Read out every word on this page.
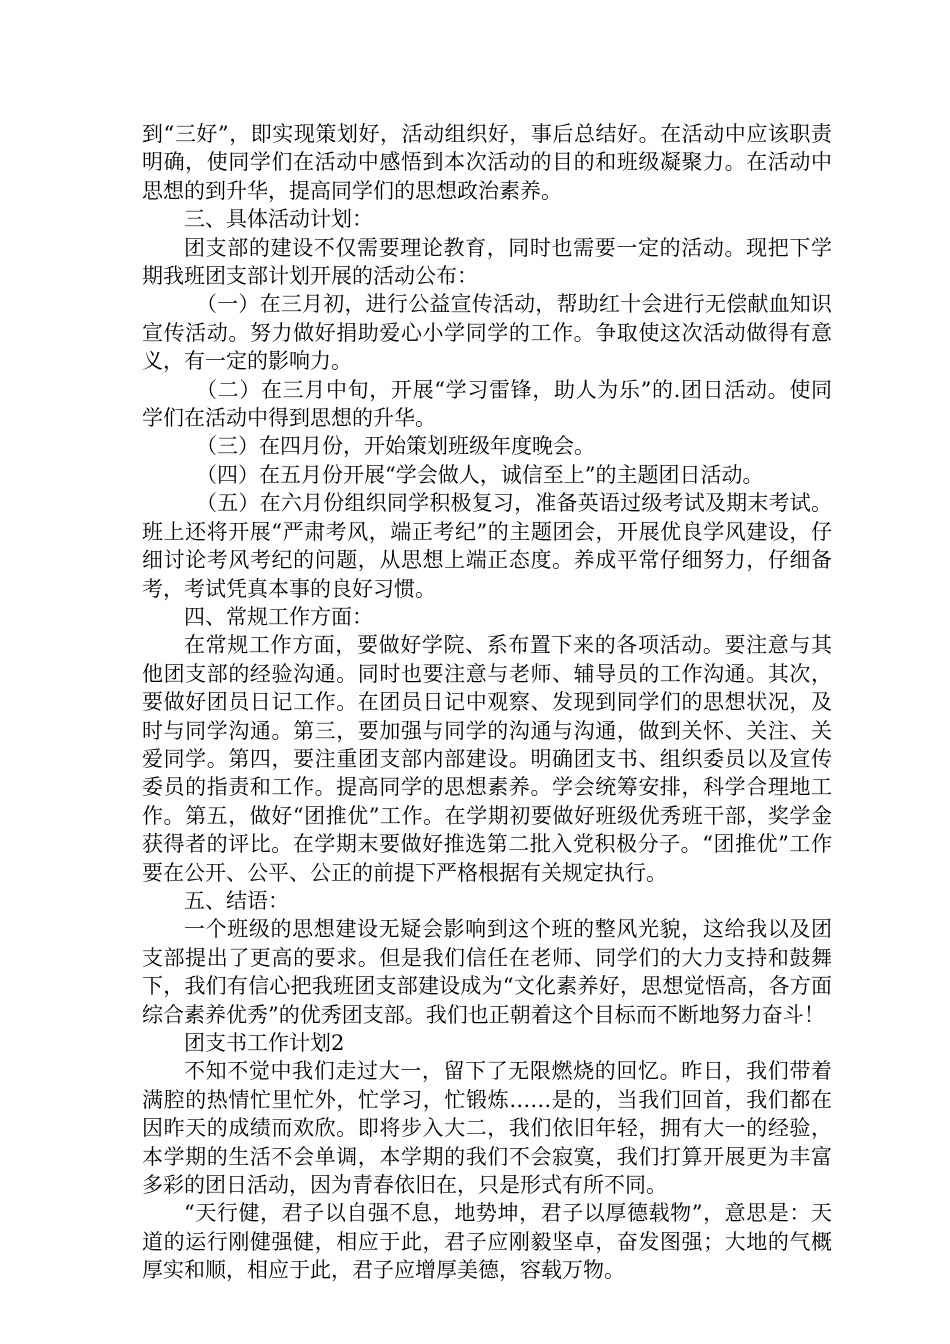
到“三好”，即实现策划好，活动组织好，事后总结好。在活动中应该职责明确，使同学们在活动中感悟到本次活动的目的和班级凝聚力。在活动中思想的到升华，提高同学们的思想政治素养。

三、具体活动计划：

团支部的建设不仅需要理论教育，同时也需要一定的活动。现把下学期我班团支部计划开展的活动公布：

（一）在三月初，进行公益宣传活动，帮助红十会进行无偿献血知识宣传活动。努力做好捐助爱心小学同学的工作。争取使这次活动做得有意义，有一定的影响力。

（二）在三月中旬，开展“学习雷锋，助人为乐”的.团日活动。使同学们在活动中得到思想的升华。

（三）在四月份，开始策划班级年度晚会。

（四）在五月份开展“学会做人，诚信至上”的主题团日活动。

（五）在六月份组织同学积极复习，准备英语过级考试及期末考试。班上还将开展“严肃考风，端正考纪”的主题团会，开展优良学风建设，仔细讨论考风考纪的问题，从思想上端正态度。养成平常仔细努力，仔细备考，考试凭真本事的良好习惯。

四、常规工作方面：

在常规工作方面，要做好学院、系布置下来的各项活动。要注意与其他团支部的经验沟通。同时也要注意与老师、辅导员的工作沟通。其次，要做好团员日记工作。在团员日记中观察、发现到同学们的思想状况，及时与同学沟通。第三，要加强与同学的沟通与沟通，做到关怀、关注、关爱同学。第四，要注重团支部内部建设。明确团支书、组织委员以及宣传委员的指责和工作。提高同学的思想素养。学会统筹安排，科学合理地工作。第五，做好“团推优”工作。在学期初要做好班级优秀班干部，奖学金获得者的评比。在学期末要做好推选第二批入党积极分子。“团推优”工作要在公开、公平、公正的前提下严格根据有关规定执行。

五、结语：

一个班级的思想建设无疑会影响到这个班的整风光貌，这给我以及团支部提出了更高的要求。但是我们信任在老师、同学们的大力支持和鼓舞下，我们有信心把我班团支部建设成为“文化素养好，思想觉悟高，各方面综合素养优秀”的优秀团支部。我们也正朝着这个目标而不断地努力奋斗！

团支书工作计划2

不知不觉中我们走过大一，留下了无限燃烧的回忆。昨日，我们带着满腔的热情忙里忙外，忙学习，忙锻炼……是的，当我们回首，我们都在因昨天的成绩而欢欣。即将步入大二，我们依旧年轻，拥有大一的经验，本学期的生活不会单调，本学期的我们不会寂寞，我们打算开展更为丰富多彩的团日活动，因为青春依旧在，只是形式有所不同。

“天行健，君子以自强不息，地势坤，君子以厚德载物”，意思是：天道的运行刚健强健，相应于此，君子应刚毅坚卓，奋发图强；大地的气概厚实和顺，相应于此，君子应增厚美德，容载万物。
